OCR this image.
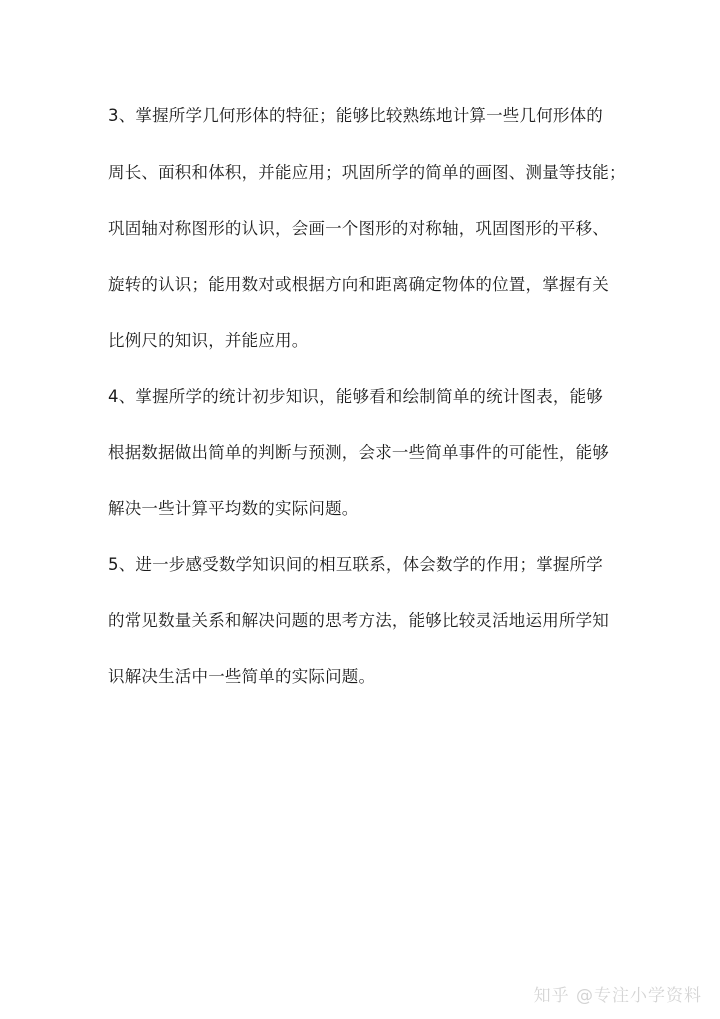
3、掌握所学几何形体的特征；能够比较熟练地计算一些几何形体的
周长、面积和体积，并能应用；巩固所学的简单的画图、测量等技能；
巩固轴对称图形的认识，会画一个图形的对称轴，巩固图形的平移、
旋转的认识；能用数对或根据方向和距离确定物体的位置，掌握有关
比例尺的知识，并能应用。
4、掌握所学的统计初步知识，能够看和绘制简单的统计图表，能够
根据数据做出简单的判断与预测，会求一些简单事件的可能性，能够
解决一些计算平均数的实际问题。
5、进一步感受数学知识间的相互联系，体会数学的作用；掌握所学
的常见数量关系和解决问题的思考方法，能够比较灵活地运用所学知
识解决生活中一些简单的实际问题。
知乎 @专注小学资料
